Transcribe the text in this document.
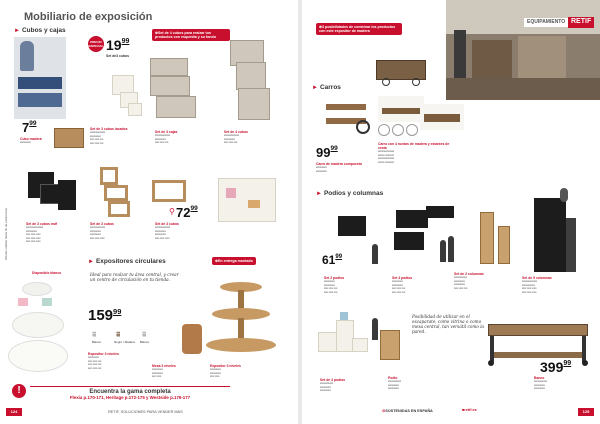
Mobiliario de exposición
► Cubos y cajas
$7^{99}$
Cubo madera
▪▪▪▪▪▪▪▪▪▪
PRECIO
ESPECIAL $19^{99}$
Set de3 cubos
⊕Set de 4 cubos para realzar tus productos con esquinita y su fondo
Set de 3 cubos lacados
▪▪▪▪▪▪▪▪▪▪▪▪▪▪
▪▪▪▪▪▪▪▪▪▪
▪▪▪▪ ▪▪▪▪ ▪▪▪
▪▪▪▪ ▪▪▪▪ ▪▪▪
Set de 3 cajas
▪▪▪▪▪▪▪▪▪▪▪▪▪▪
▪▪▪▪▪▪▪▪▪▪
▪▪▪▪ ▪▪▪▪ ▪▪▪
Set de 4 cubos
▪▪▪▪▪▪▪▪▪▪▪▪▪▪
▪▪▪▪▪▪▪▪▪▪
▪▪▪▪ ▪▪▪▪ ▪▪▪
$72^{99}$
⚲
Set de 3 cubos mdf
▪▪▪▪▪▪▪▪▪▪▪▪▪▪▪▪
▪▪▪▪▪▪▪▪▪▪
▪▪▪▪ ▪▪▪▪ ▪▪▪▪
▪▪▪▪ ▪▪▪▪ ▪▪▪▪
▪▪▪▪ ▪▪▪▪ ▪▪▪▪
Set de 3 cubos
▪▪▪▪▪▪▪▪▪▪▪▪▪▪
▪▪▪▪▪▪▪▪▪▪
▪▪▪▪▪▪▪▪▪▪
▪▪▪▪ ▪▪▪▪ ▪▪▪▪
Set de 3 cubos
▪▪▪▪▪▪▪▪▪▪▪▪▪▪
▪▪▪▪▪▪▪▪▪▪
▪▪▪▪▪▪▪▪▪▪
▪▪▪▪ ▪▪▪▪ ▪▪▪▪
Ofertas válidas hasta fin de existencias
► Expositores circulares	⊕En entrega montado
Disponible blanco	Ideal para realzar tu área central, y crear un centro de circulación en tu tienda.
$159^{99}$
⩩
Blanco
⩩
Negro / Madera
⩩
Blanco
Expositor 3 niveles
▪▪▪▪▪▪▪▪▪▪
▪▪▪▪ ▪▪▪▪ ▪▪▪
▪▪▪▪ ▪▪▪▪ ▪▪▪
▪▪▪▪ ▪▪▪▪ ▪▪▪	Mesa 3 niveles
▪▪▪▪▪▪▪▪▪▪
▪▪▪▪▪▪▪▪▪▪
▪▪▪▪ ▪▪▪▪
Expositor 3 niveles
▪▪▪▪▪▪▪▪▪▪
▪▪▪▪▪▪▪▪▪▪
▪▪▪▪ ▪▪▪▪
!	Encuentra la gama completa
Flexia p.170-171, Heritage p.172-175 y Westside p.176-177
124	RETIF, SOLUCIONES PARA VENDER MÁS
⊕3 posibilidades de combinar los productos con este expositor de madera
EQUIPAMIENTO RETIF
► Carros
$99^{99}$
Carro de madera compuesto
▪▪▪▪▪▪▪▪▪▪
▪▪▪▪▪▪▪▪▪▪
Carro con 4 ruedas de madera y estantes de cesta
▪▪▪▪▪▪▪▪▪▪▪▪▪▪▪
▪▪▪▪▪▪ ▪▪▪▪▪▪▪▪
▪▪▪▪▪▪▪▪▪▪▪▪▪▪▪
▪▪▪▪▪▪ ▪▪▪▪▪▪▪▪
► Podios y columnas
$61^{99}$
Set 2 podios
▪▪▪▪▪▪▪▪▪▪
▪▪▪▪▪▪▪▪▪▪
▪▪▪▪ ▪▪▪▪ ▪▪▪
▪▪▪▪ ▪▪▪▪ ▪▪▪
Set 3 podios
▪▪▪▪▪▪▪▪▪▪
▪▪▪▪▪▪▪▪▪▪
▪▪▪▪ ▪▪▪▪ ▪▪▪
▪▪▪▪ ▪▪▪▪ ▪▪▪
Set de 2 columnas
▪▪▪▪▪▪▪▪▪▪▪▪
▪▪▪▪▪▪▪▪▪▪
▪▪▪▪▪▪▪▪▪▪
▪▪▪▪ ▪▪▪▪ ▪▪▪
Set de 5 columnas
▪▪▪▪▪▪▪▪▪▪▪▪▪▪
▪▪▪▪▪▪▪▪▪▪▪▪
▪▪▪▪ ▪▪▪▪ ▪▪▪▪
▪▪▪▪ ▪▪▪▪ ▪▪▪▪
Posibilidad de utilizar en el escaparate, como vitrina o como mesa central, tan versátil como la pared.
$399^{99}$
Set de 4 podios
▪▪▪▪▪▪▪▪▪▪▪▪
▪▪▪▪▪▪▪▪▪▪
▪▪▪▪▪▪▪▪▪▪
Podio
▪▪▪▪▪▪▪▪▪▪▪▪
▪▪▪▪▪▪▪▪▪▪
▪▪▪▪▪▪▪▪▪▪
Banco
▪▪▪▪▪▪▪▪▪▪▪▪
▪▪▪▪▪▪▪▪▪▪
▪▪▪▪▪▪▪▪▪▪
⊙SOSTENIDAS EN ESPAÑA	■retif.es	125
